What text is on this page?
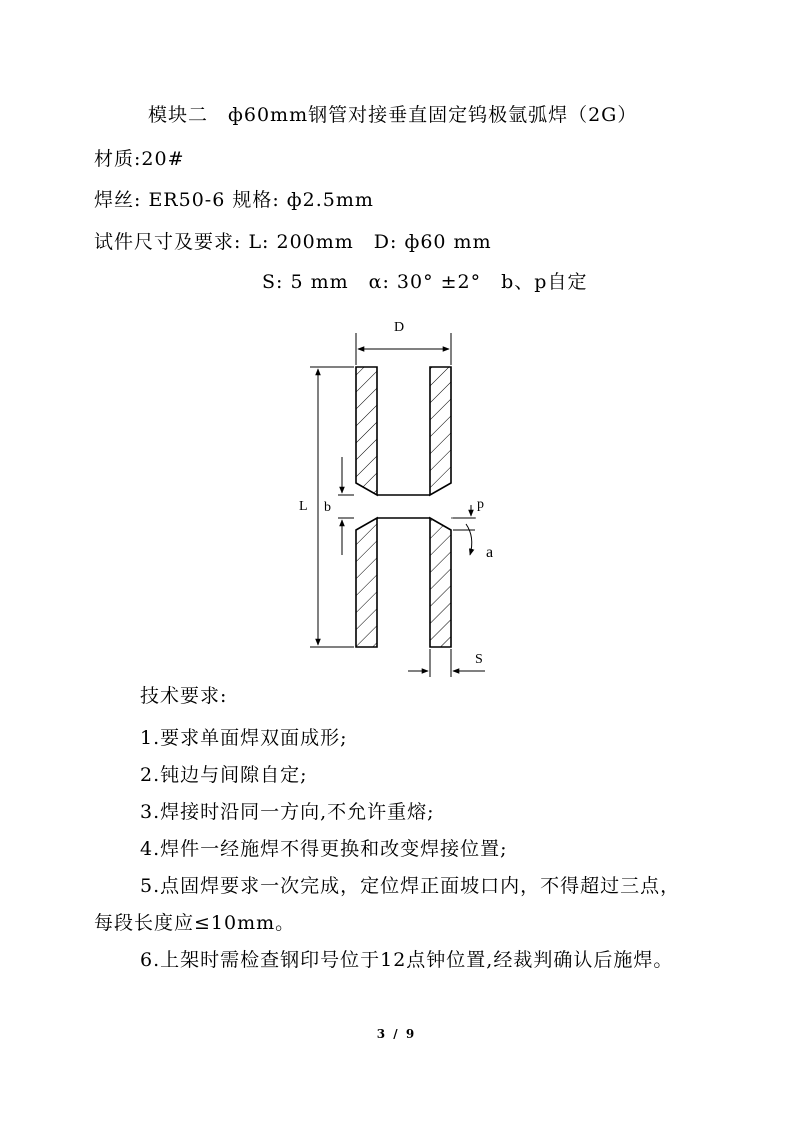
模块二　ф60mm钢管对接垂直固定钨极氩弧焊（2G）
材质:20#
焊丝: ER50-6 规格: ф2.5mm
试件尺寸及要求: L: 200mm　D: ф60 mm
S: 5 mm　α: 30° ±2°　b、p自定
D
L b	p
a
S
技术要求:
1.要求单面焊双面成形;
2.钝边与间隙自定;
3.焊接时沿同一方向,不允许重熔;
4.焊件一经施焊不得更换和改变焊接位置;
5.点固焊要求一次完成，定位焊正面坡口内，不得超过三点，
每段长度应≤10mm。
6.上架时需检查钢印号位于12点钟位置,经裁判确认后施焊。
3 / 9
